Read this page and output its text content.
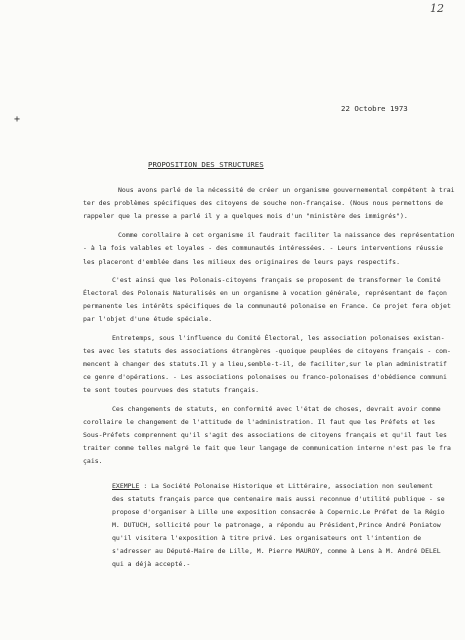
12
+
22 Octobre 1973
PROPOSITION DES STRUCTURES
Nous avons parlé de la nécessité de créer un organisme gouvernemental compétent à trai
ter des problèmes spécifiques des citoyens de souche non-française. (Nous nous permettons de
rappeler que la presse a parlé il y a quelques mois d'un "ministère des immigrés").
Comme corollaire à cet organisme il faudrait faciliter la naissance des représentation
- à la fois valables et loyales - des communautés intéressées. - Leurs interventions réussie
les placeront d'emblée dans les milieux des originaires de leurs pays respectifs.
C'est ainsi que les Polonais-citoyens français se proposent de transformer le Comité
Électoral des Polonais Naturalisés en un organisme à vocation générale, représentant de façon
permanente les intérêts spécifiques de la communauté polonaise en France. Ce projet fera objet
par l'objet d'une étude spéciale.
Entretemps, sous l'influence du Comité Électoral, les association polonaises existan-
tes avec les statuts des associations étrangères -quoique peuplées de citoyens français - com-
mencent à changer des statuts.Il y a lieu,semble-t-il, de faciliter,sur le plan administratif
ce genre d'opérations. - Les associations polonaises ou franco-polonaises d'obédience communi
te sont toutes pourvues des statuts français.
Ces changements de statuts, en conformité avec l'état de choses, devrait avoir comme
corollaire le changement de l'attitude de l'administration. Il faut que les Préfets et les
Sous-Préfets comprennent qu'il s'agit des associations de citoyens français et qu'il faut les
traiter comme telles malgré le fait que leur langage de communication interne n'est pas le fra
çais.
EXEMPLE : La Société Polonaise Historique et Littéraire, association non seulement
des statuts français parce que centenaire mais aussi reconnue d'utilité publique - se
propose d'organiser à Lille une exposition consacrée à Copernic.Le Préfet de la Régio
M. DUTUCH, sollicité pour le patronage, a répondu au Président,Prince André Poniatow
qu'il visitera l'exposition à titre privé. Les organisateurs ont l'intention de
s'adresser au Député-Maire de Lille, M. Pierre MAUROY, comme à Lens à M. André DELEL
qui a déjà accepté.-
